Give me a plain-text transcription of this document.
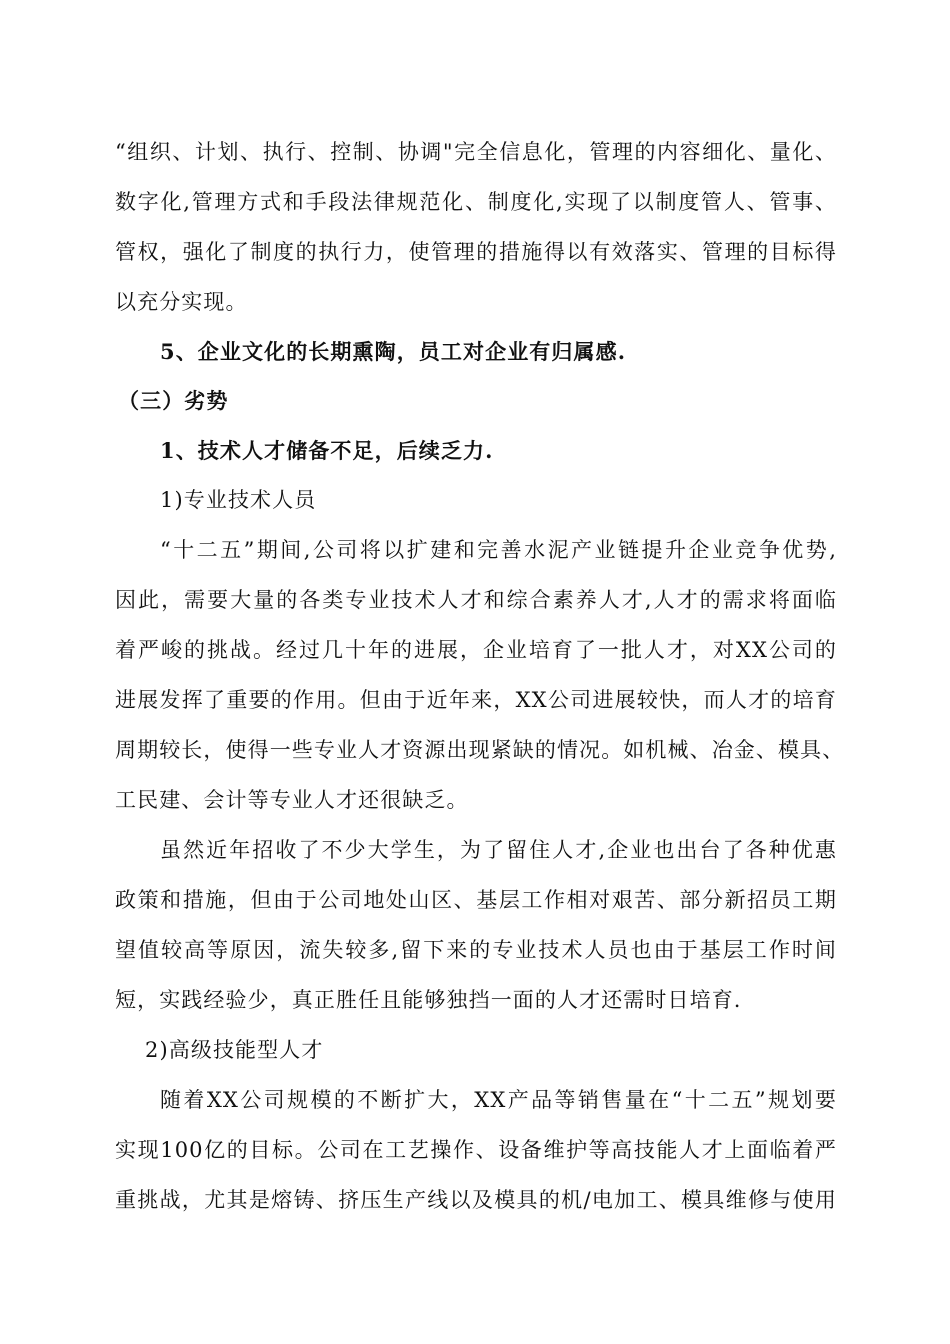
“组织、计划、执行、控制、协调"完全信息化，管理的内容细化、量化、
数字化,管理方式和手段法律规范化、制度化,实现了以制度管人、管事、
管权，强化了制度的执行力，使管理的措施得以有效落实、管理的目标得
以充分实现。
5、企业文化的长期熏陶，员工对企业有归属感.
（三）劣势
1、技术人才储备不足，后续乏力.
1)专业技术人员
“十二五”期间,公司将以扩建和完善水泥产业链提升企业竞争优势,
因此，需要大量的各类专业技术人才和综合素养人才,人才的需求将面临
着严峻的挑战。经过几十年的进展，企业培育了一批人才，对XX公司的
进展发挥了重要的作用。但由于近年来，XX公司进展较快，而人才的培育
周期较长，使得一些专业人才资源出现紧缺的情况。如机械、冶金、模具、
工民建、会计等专业人才还很缺乏。
虽然近年招收了不少大学生，为了留住人才,企业也出台了各种优惠
政策和措施，但由于公司地处山区、基层工作相对艰苦、部分新招员工期
望值较高等原因，流失较多,留下来的专业技术人员也由于基层工作时间
短，实践经验少，真正胜任且能够独挡一面的人才还需时日培育.
2)高级技能型人才
随着XX公司规模的不断扩大，XX产品等销售量在“十二五”规划要
实现100亿的目标。公司在工艺操作、设备维护等高技能人才上面临着严
重挑战，尤其是熔铸、挤压生产线以及模具的机/电加工、模具维修与使用
